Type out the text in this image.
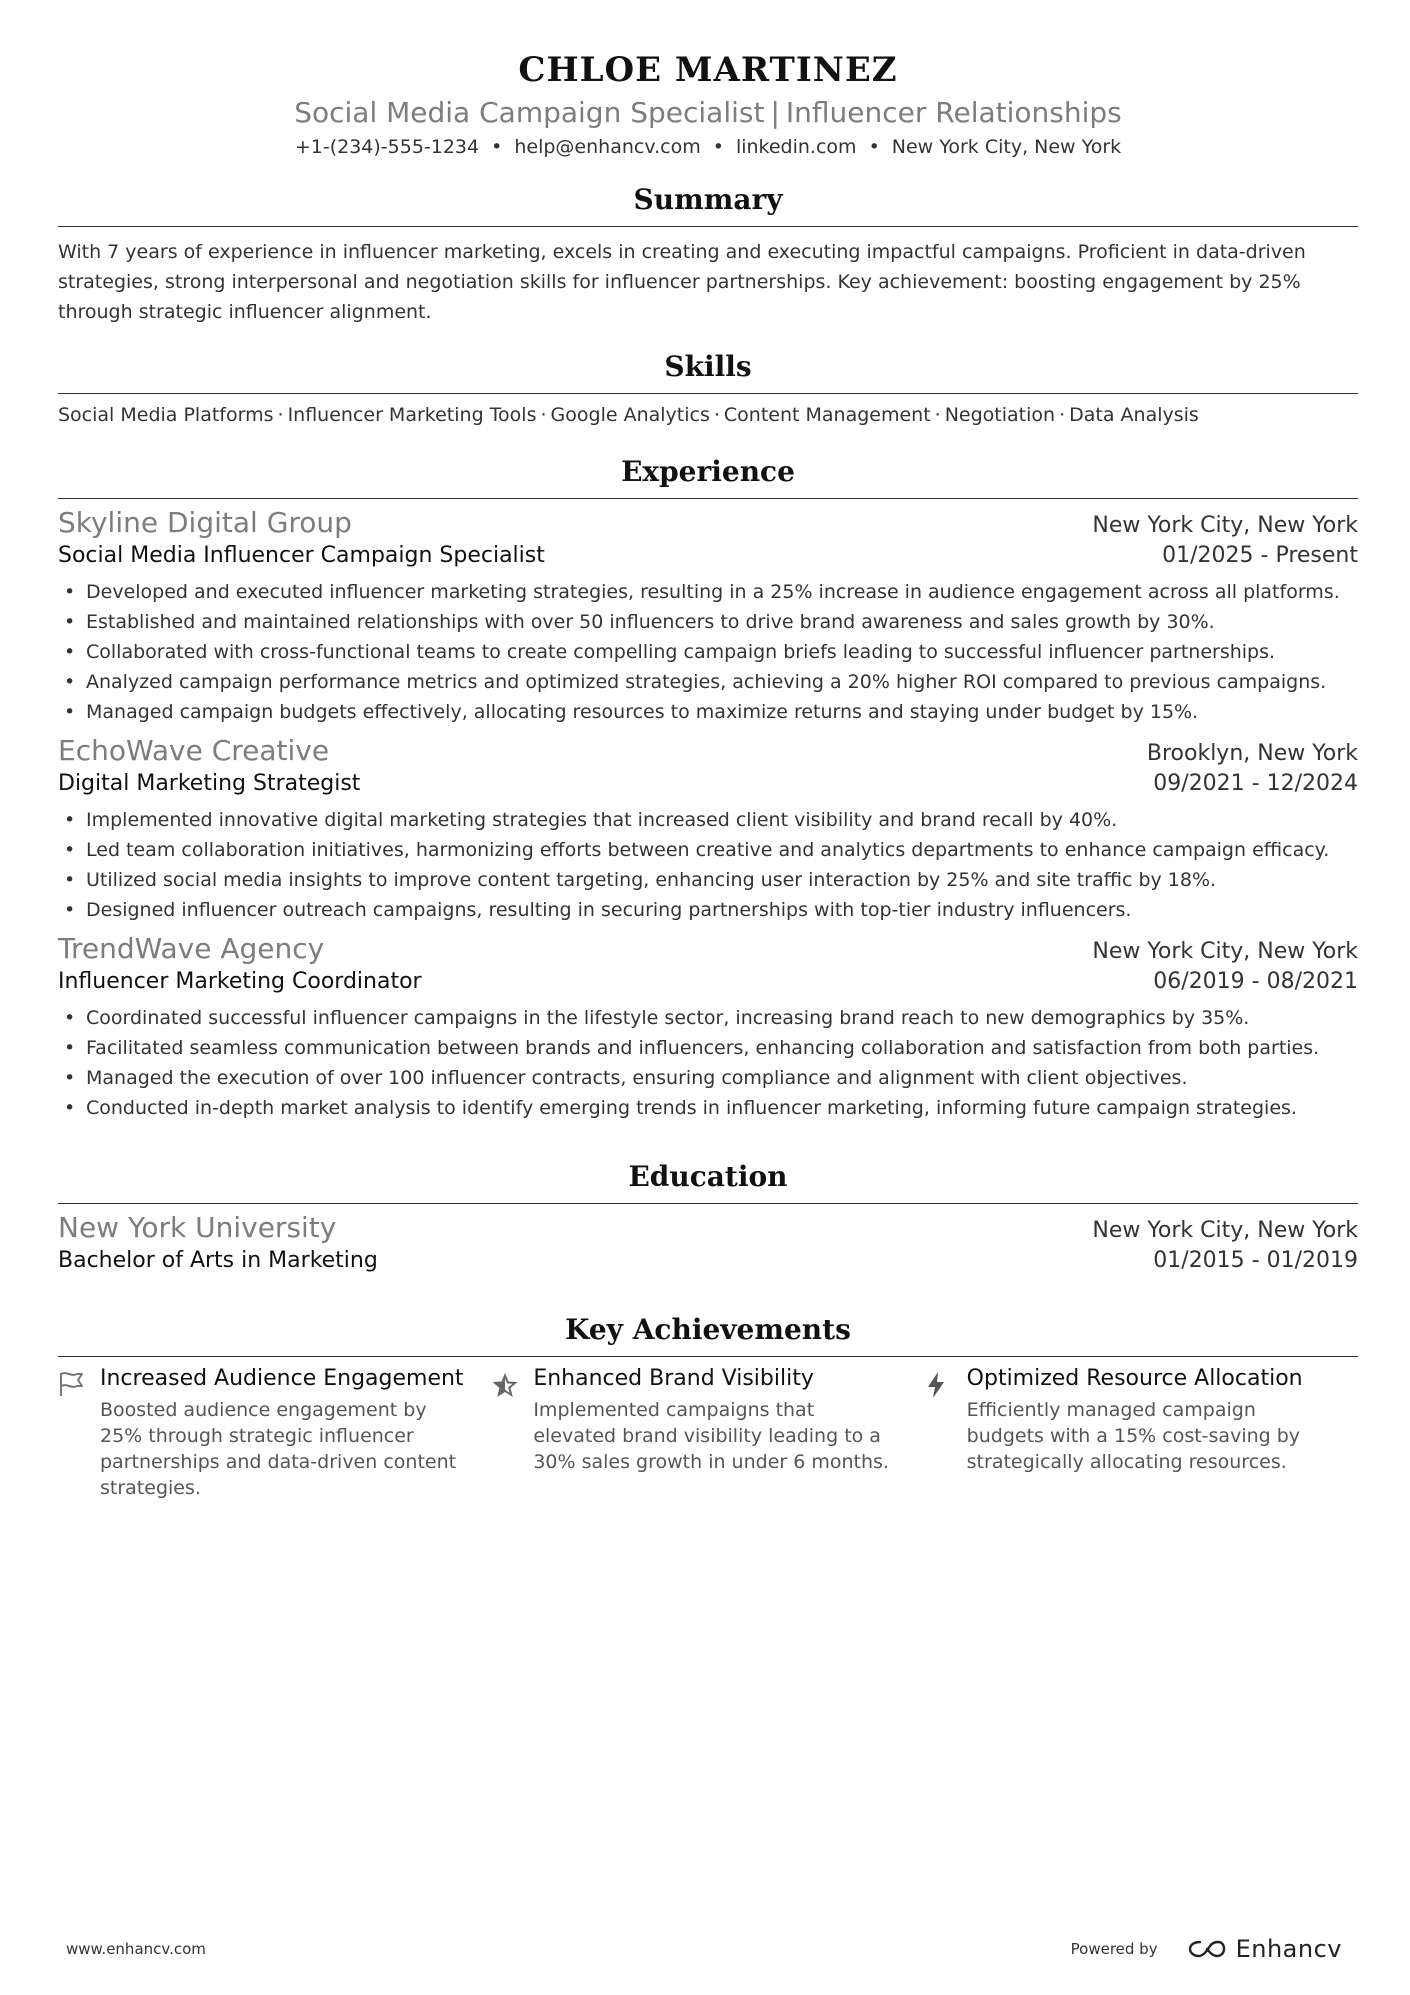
CHLOE MARTINEZ
Social Media Campaign Specialist | Influencer Relationships
+1-(234)-555-1234 • help@enhancv.com • linkedin.com • New York City, New York
Summary

With 7 years of experience in influencer marketing, excels in creating and executing impactful campaigns. Proficient in data-driven strategies, strong interpersonal and negotiation skills for influencer partnerships. Key achievement: boosting engagement by 25% through strategic influencer alignment.

Skills
Social Media Platforms · Influencer Marketing Tools · Google Analytics · Content Management · Negotiation · Data Analysis
Experience
Skyline Digital Group	New York City, New York
Social Media Influencer Campaign Specialist	01/2025 - Present
• Developed and executed influencer marketing strategies, resulting in a 25% increase in audience engagement across all platforms.
• Established and maintained relationships with over 50 influencers to drive brand awareness and sales growth by 30%.
• Collaborated with cross-functional teams to create compelling campaign briefs leading to successful influencer partnerships.
• Analyzed campaign performance metrics and optimized strategies, achieving a 20% higher ROI compared to previous campaigns.
• Managed campaign budgets effectively, allocating resources to maximize returns and staying under budget by 15%.
EchoWave Creative	Brooklyn, New York
Digital Marketing Strategist	09/2021 - 12/2024
• Implemented innovative digital marketing strategies that increased client visibility and brand recall by 40%.
• Led team collaboration initiatives, harmonizing efforts between creative and analytics departments to enhance campaign efficacy.
• Utilized social media insights to improve content targeting, enhancing user interaction by 25% and site traffic by 18%.
• Designed influencer outreach campaigns, resulting in securing partnerships with top-tier industry influencers.
TrendWave Agency	New York City, New York
Influencer Marketing Coordinator	06/2019 - 08/2021
• Coordinated successful influencer campaigns in the lifestyle sector, increasing brand reach to new demographics by 35%.
• Facilitated seamless communication between brands and influencers, enhancing collaboration and satisfaction from both parties.
• Managed the execution of over 100 influencer contracts, ensuring compliance and alignment with client objectives.
• Conducted in-depth market analysis to identify emerging trends in influencer marketing, informing future campaign strategies.
Education
New York University	New York City, New York
Bachelor of Arts in Marketing	01/2015 - 01/2019
Key Achievements
Increased Audience Engagement
Boosted audience engagement by 25% through strategic influencer partnerships and data-driven content strategies.
Enhanced Brand Visibility
Implemented campaigns that elevated brand visibility leading to a 30% sales growth in under 6 months.
Optimized Resource Allocation
Efficiently managed campaign budgets with a 15% cost-saving by strategically allocating resources.
www.enhancv.com	Powered by	Enhancv
